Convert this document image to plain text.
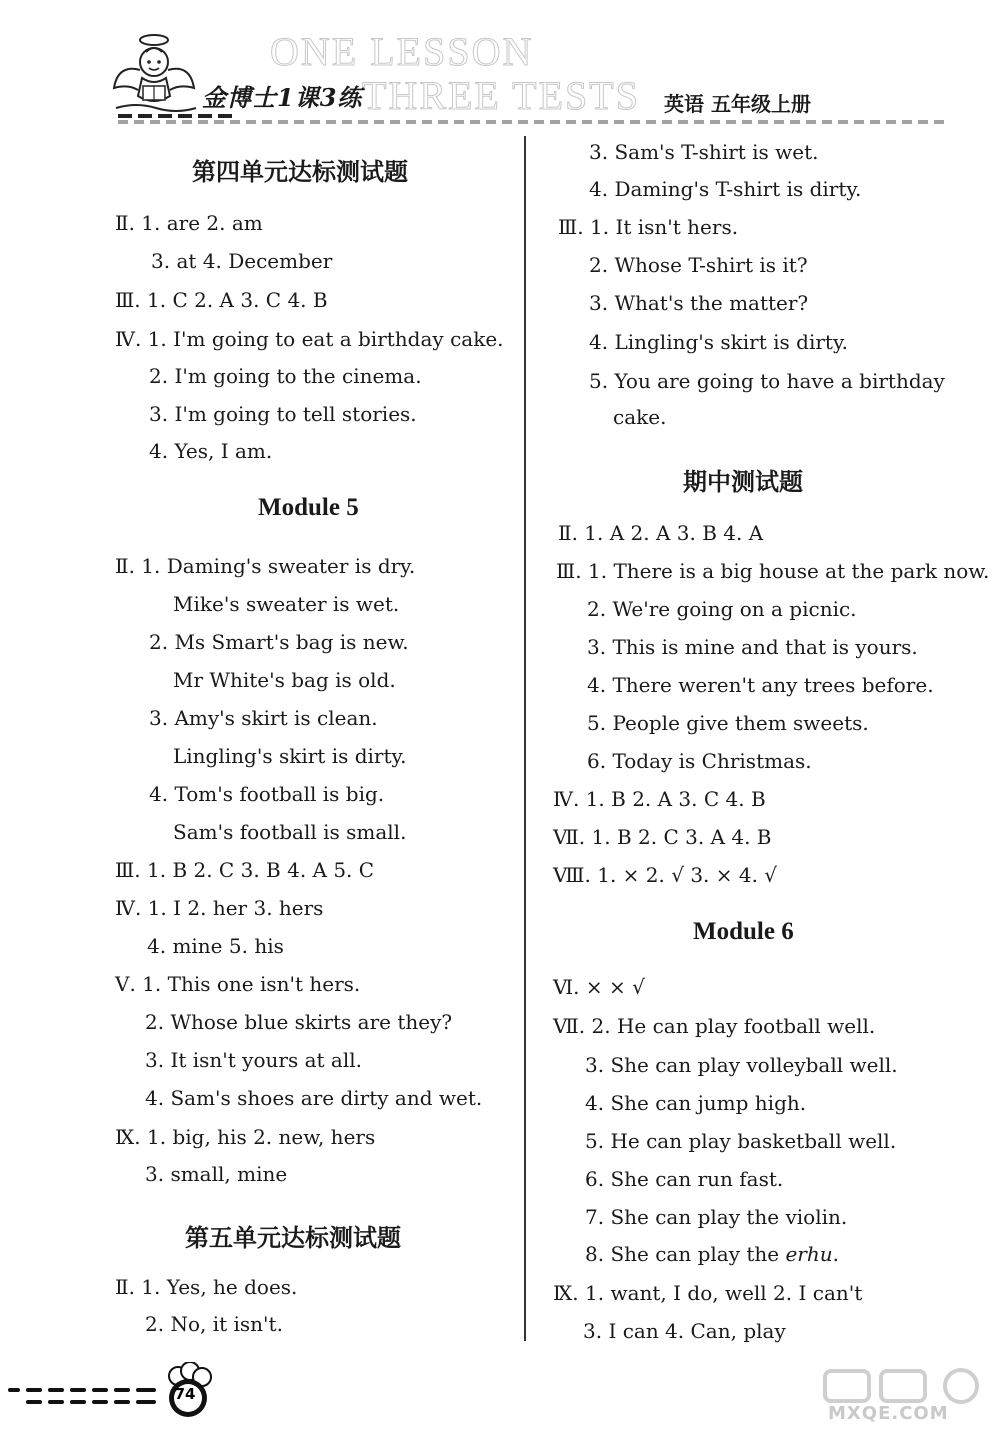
ONE LESSON
THREE TESTS
金博士1课3练	英语 五年级上册
第四单元达标测试题
Ⅱ. 1. are 2. am
3. at 4. December
Ⅲ. 1. C 2. A 3. C 4. B
Ⅳ. 1. I'm going to eat a birthday cake.
2. I'm going to the cinema.
3. I'm going to tell stories.
4. Yes, I am.
Module 5
Ⅱ. 1. Daming's sweater is dry.
Mike's sweater is wet.
2. Ms Smart's bag is new.
Mr White's bag is old.
3. Amy's skirt is clean.
Lingling's skirt is dirty.
4. Tom's football is big.
Sam's football is small.
Ⅲ. 1. B 2. C 3. B 4. A 5. C
Ⅳ. 1. I 2. her 3. hers
4. mine 5. his
Ⅴ. 1. This one isn't hers.
2. Whose blue skirts are they?
3. It isn't yours at all.
4. Sam's shoes are dirty and wet.
Ⅸ. 1. big, his 2. new, hers
3. small, mine
第五单元达标测试题
Ⅱ. 1. Yes, he does.
2. No, it isn't.
3. Sam's T-shirt is wet.
4. Daming's T-shirt is dirty.
Ⅲ. 1. It isn't hers.
2. Whose T-shirt is it?
3. What's the matter?
4. Lingling's skirt is dirty.
5. You are going to have a birthday
cake.
期中测试题
Ⅱ. 1. A 2. A 3. B 4. A
Ⅲ. 1. There is a big house at the park now.
2. We're going on a picnic.
3. This is mine and that is yours.
4. There weren't any trees before.
5. People give them sweets.
6. Today is Christmas.
Ⅳ. 1. B 2. A 3. C 4. B
Ⅶ. 1. B 2. C 3. A 4. B
Ⅷ. 1. × 2. √ 3. × 4. √
Module 6
Ⅵ. × × √
Ⅶ. 2. He can play football well.
3. She can play volleyball well.
4. She can jump high.
5. He can play basketball well.
6. She can run fast.
7. She can play the violin.
8. She can play the erhu.
Ⅸ. 1. want, I do, well 2. I can't
3. I can 4. Can, play
74
MXQE.COM
